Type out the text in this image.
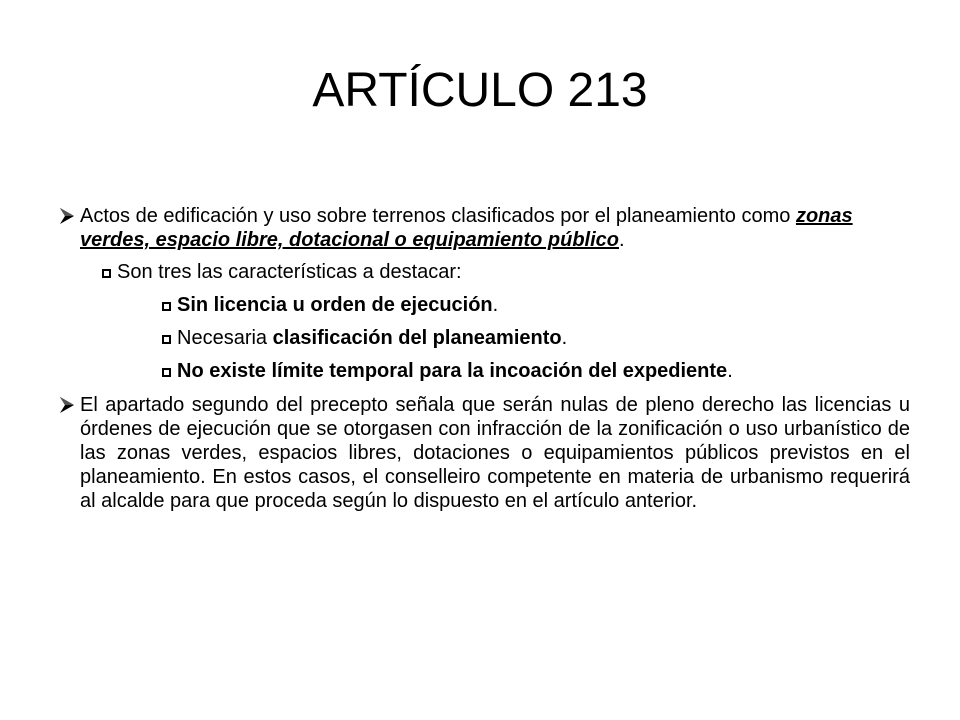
ARTÍCULO 213
Actos de edificación y uso sobre terrenos clasificados por el planeamiento como zonas verdes, espacio libre, dotacional o equipamiento público.
Son tres las características a destacar:
Sin licencia u orden de ejecución.
Necesaria clasificación del planeamiento.
No existe límite temporal para la incoación del expediente.
El apartado segundo del precepto señala que serán nulas de pleno derecho las licencias u órdenes de ejecución que se otorgasen con infracción de la zonificación o uso urbanístico de las zonas verdes, espacios libres, dotaciones o equipamientos públicos previstos en el planeamiento. En estos casos, el conselleiro competente en materia de urbanismo requerirá al alcalde para que proceda según lo dispuesto en el artículo anterior.
